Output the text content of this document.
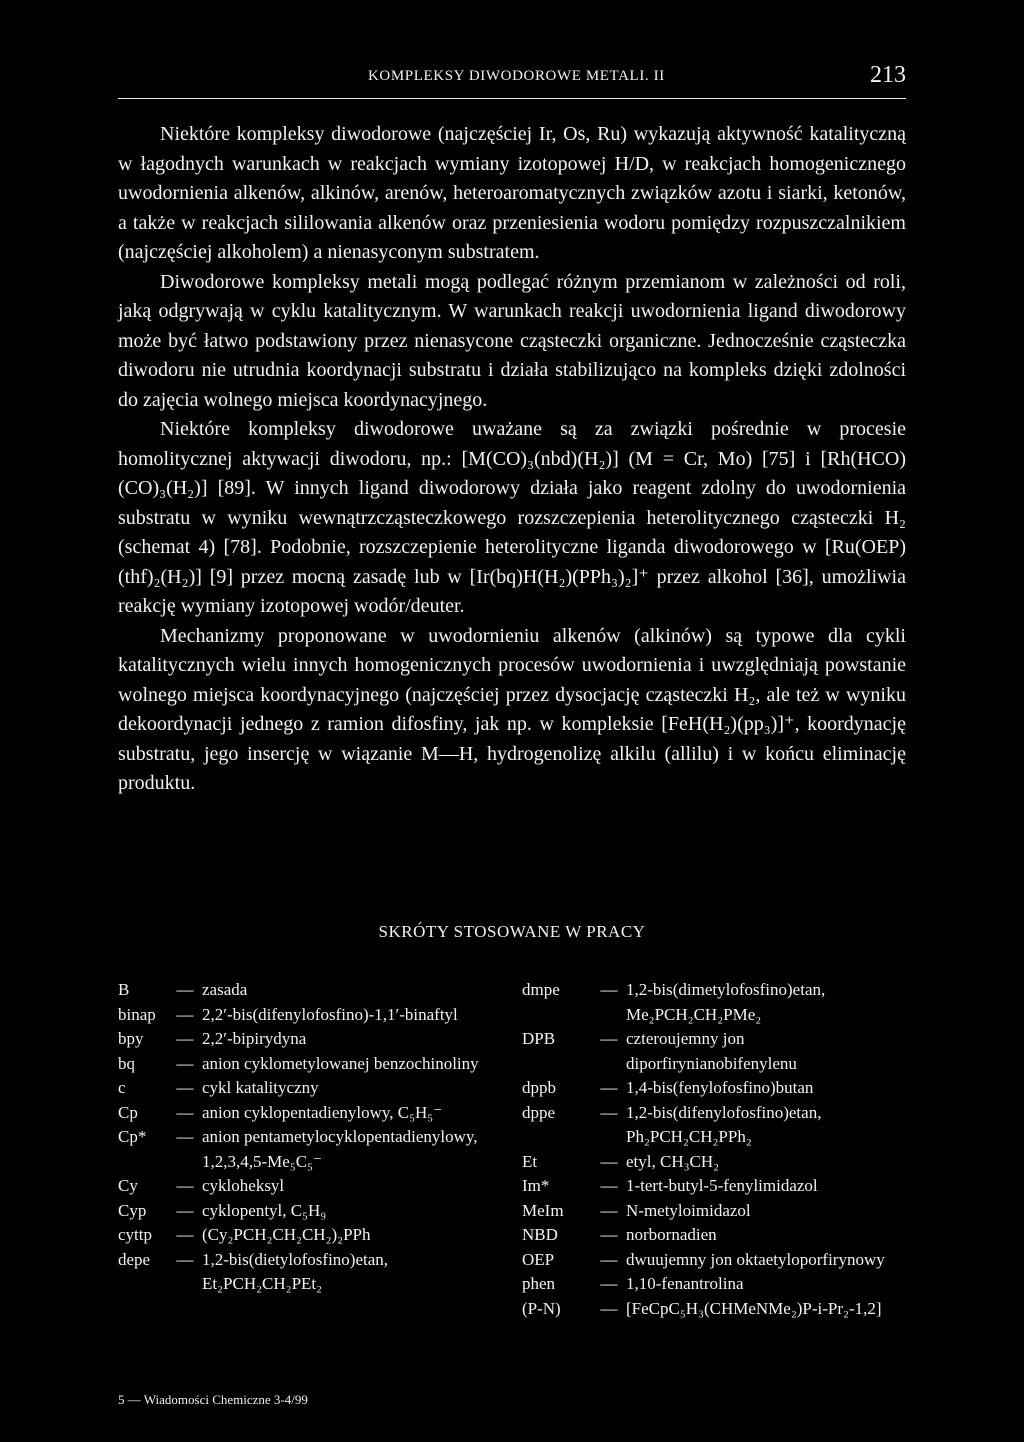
KOMPLEKSY DIWODOROWE METALI. II	213

Niektóre kompleksy diwodorowe (najczęściej Ir, Os, Ru) wykazują aktywność katalityczną w łagodnych warunkach w reakcjach wymiany izotopowej H/D, w reakcjach homogenicznego uwodornienia alkenów, alkinów, arenów, heteroaromatycznych związków azotu i siarki, ketonów, a także w reakcjach sililowania alkenów oraz przeniesienia wodoru pomiędzy rozpuszczalnikiem (najczęściej alkoholem) a nienasyconym substratem.

Diwodorowe kompleksy metali mogą podlegać różnym przemianom w zależności od roli, jaką odgrywają w cyklu katalitycznym. W warunkach reakcji uwodornienia ligand diwodorowy może być łatwo podstawiony przez nienasycone cząsteczki organiczne. Jednocześnie cząsteczka diwodoru nie utrudnia koordynacji substratu i działa stabilizująco na kompleks dzięki zdolności do zajęcia wolnego miejsca koordynacyjnego.

Niektóre kompleksy diwodorowe uważane są za związki pośrednie w procesie homolitycznej aktywacji diwodoru, np.: [M(CO)₃(nbd)(H₂)] (M = Cr, Mo) [75] i [Rh(HCO)(CO)₃(H₂)] [89]. W innych ligand diwodorowy działa jako reagent zdolny do uwodornienia substratu w wyniku wewnątrzcząsteczkowego rozszczepienia heterolitycznego cząsteczki H₂ (schemat 4) [78]. Podobnie, rozszczepienie heterolityczne liganda diwodorowego w [Ru(OEP)(thf)₂(H₂)] [9] przez mocną zasadę lub w [Ir(bq)H(H₂)(PPh₃)₂]⁺ przez alkohol [36], umożliwia reakcję wymiany izotopowej wodór/deuter.

Mechanizmy proponowane w uwodornieniu alkenów (alkinów) są typowe dla cykli katalitycznych wielu innych homogenicznych procesów uwodornienia i uwzględniają powstanie wolnego miejsca koordynacyjnego (najczęściej przez dysocjację cząsteczki H₂, ale też w wyniku dekoordynacji jednego z ramion difosfiny, jak np. w kompleksie [FeH(H₂)(pp₃)]⁺, koordynację substratu, jego insercję w wiązanie M—H, hydrogenolizę alkilu (allilu) i w końcu eliminację produktu.

SKRÓTY STOSOWANE W PRACY
B	— zasada
binap	— 2,2′-bis(difenylofosfino)-1,1′-binaftyl
bpy	— 2,2′-bipirydyna
bq	— anion cyklometylowanej benzochinoliny
c	— cykl katalityczny
Cp	— anion cyklopentadienylowy, C₅H₅⁻
Cp*	— anion pentametylocyklopentadienylowy, 1,2,3,4,5-Me₅C₅⁻
Cy	— cykloheksyl
Cyp	— cyklopentyl, C₅H₉
cyttp	— (Cy₂PCH₂CH₂CH₂)₂PPh
depe	— 1,2-bis(dietylofosfino)etan, Et₂PCH₂CH₂PEt₂
dmpe	— 1,2-bis(dimetylofosfino)etan, Me₂PCH₂CH₂PMe₂
DPB	— czteroujemny jon diporfirynianobifenylenu
dppb	— 1,4-bis(fenylofosfino)butan
dppe	— 1,2-bis(difenylofosfino)etan, Ph₂PCH₂CH₂PPh₂
Et	— etyl, CH₃CH₂
Im*	— 1-tert-butyl-5-fenylimidazol
MeIm	— N-metyloimidazol
NBD	— norbornadien
OEP	— dwuujemny jon oktaetyloporfirynowy
phen	— 1,10-fenantrolina
(P-N)	— [FeCpC₅H₃(CHMeNMe₂)P-i-Pr₂-1,2]
5 — Wiadomości Chemiczne 3-4/99
